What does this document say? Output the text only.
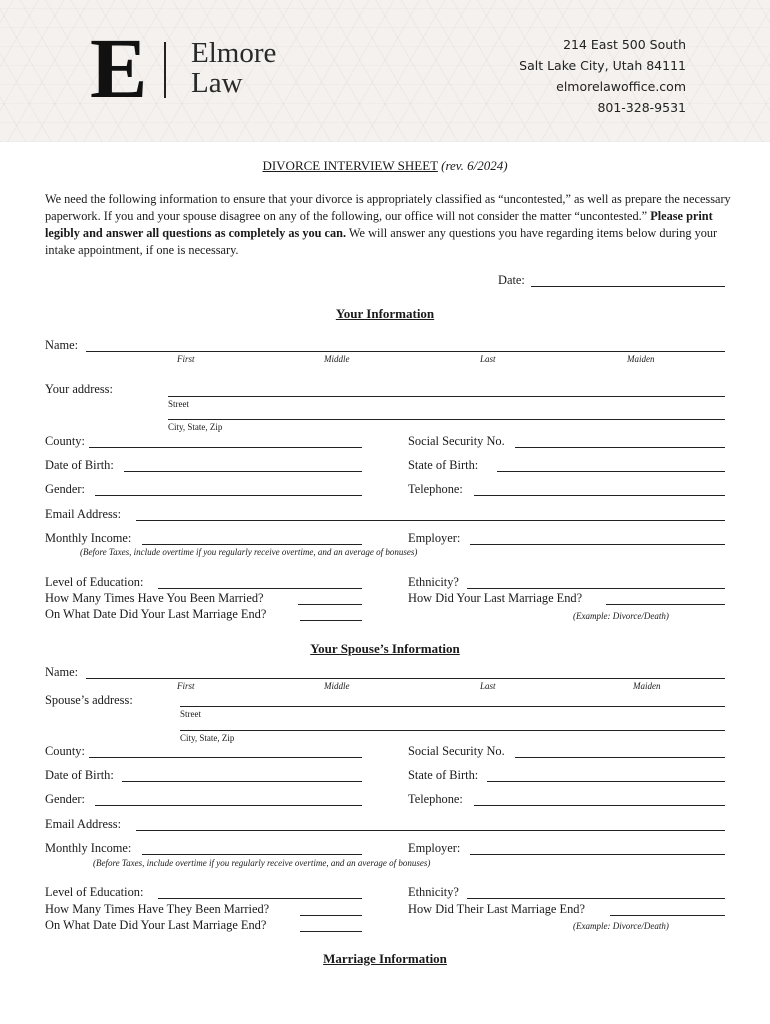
E Elmore
Law
214 East 500 South
Salt Lake City, Utah 84111
elmorelawoffice.com
801-328-9531
DIVORCE INTERVIEW SHEET (rev. 6/2024)
We need the following information to ensure that your divorce is appropriately classified as “uncontested,” as well as prepare the necessary paperwork. If you and your spouse disagree on any of the following, our office will not consider the matter “uncontested.” Please print legibly and answer all questions as completely as you can. We will answer any questions you have regarding items below during your intake appointment, if one is necessary.
Date:
Your Information
Name:
First	Middle	Last	Maiden
Your address:
Street
City, State, Zip
County:	Social Security No.
Date of Birth:	State of Birth:
Gender:	Telephone:
Email Address:
Monthly Income:	Employer:
(Before Taxes, include overtime if you regularly receive overtime, and an average of bonuses)
Level of Education:	Ethnicity?
How Many Times Have You Been Married?	How Did Your Last Marriage End?
On What Date Did Your Last Marriage End?	(Example: Divorce/Death)
Your Spouse’s Information
Name:
First	Middle	Last	Maiden
Spouse’s address:
Street
City, State, Zip
County:	Social Security No.
Date of Birth:	State of Birth:
Gender:	Telephone:
Email Address:
Monthly Income:	Employer:
(Before Taxes, include overtime if you regularly receive overtime, and an average of bonuses)
Level of Education:	Ethnicity?
How Many Times Have They Been Married?	How Did Their Last Marriage End?
On What Date Did Your Last Marriage End?	(Example: Divorce/Death)
Marriage Information
